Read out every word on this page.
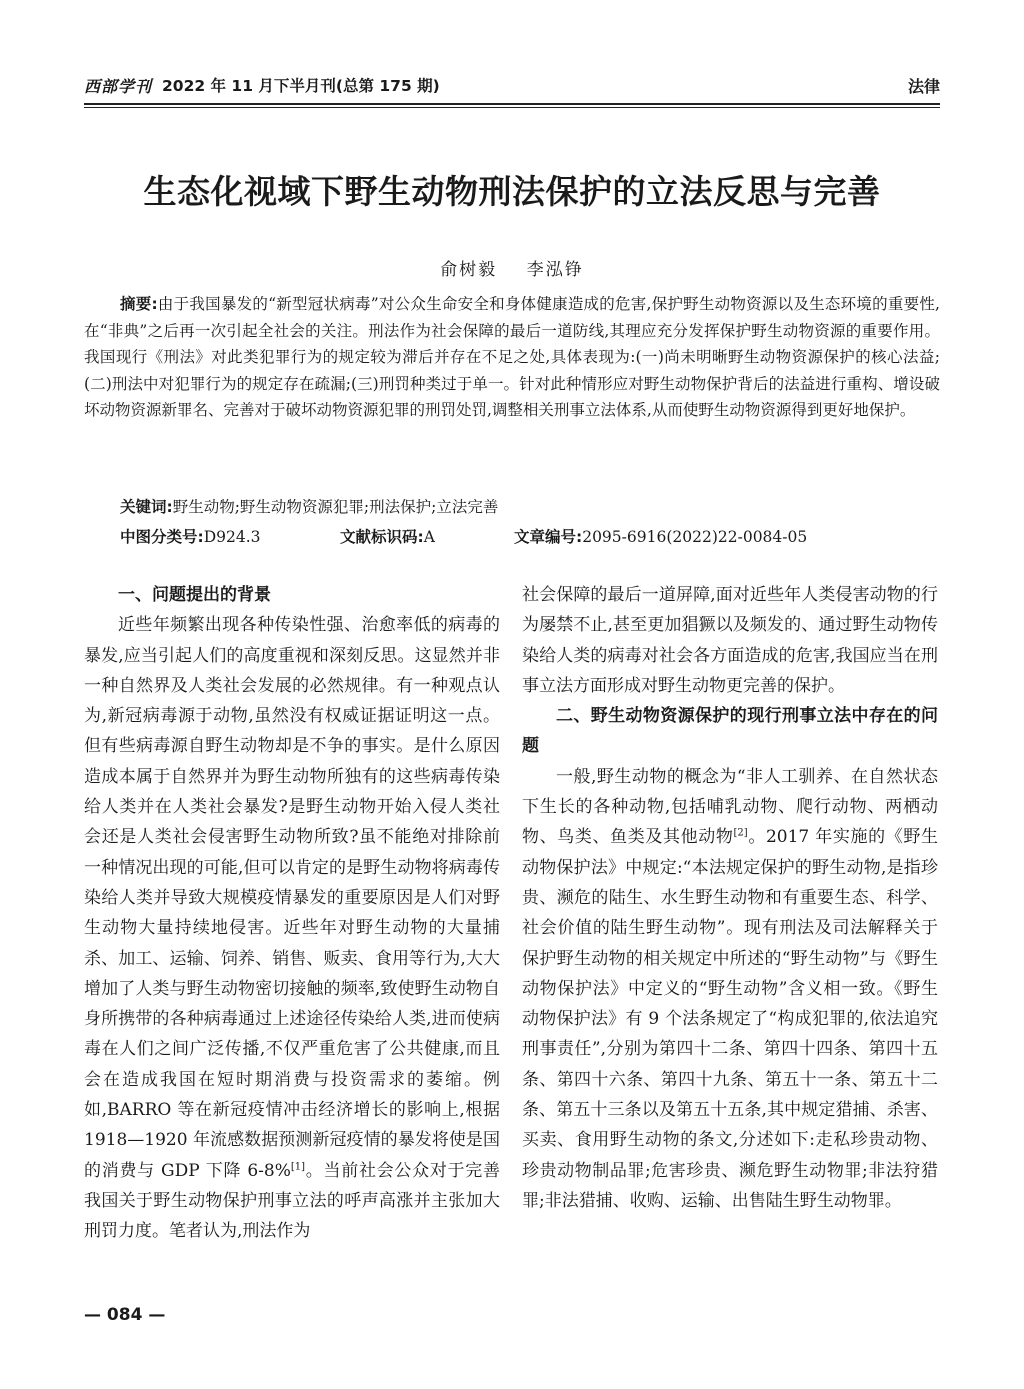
西部学刊 2022 年 11 月下半月刊(总第 175 期)	法律
生态化视域下野生动物刑法保护的立法反思与完善
俞树毅    李泓铮
摘要:由于我国暴发的“新型冠状病毒”对公众生命安全和身体健康造成的危害,保护野生动物资源以及生态环境的重要性,在“非典”之后再一次引起全社会的关注。刑法作为社会保障的最后一道防线,其理应充分发挥保护野生动物资源的重要作用。我国现行《刑法》对此类犯罪行为的规定较为滞后并存在不足之处,具体表现为:(一)尚未明晰野生动物资源保护的核心法益;(二)刑法中对犯罪行为的规定存在疏漏;(三)刑罚种类过于单一。针对此种情形应对野生动物保护背后的法益进行重构、增设破坏动物资源新罪名、完善对于破坏动物资源犯罪的刑罚处罚,调整相关刑事立法体系,从而使野生动物资源得到更好地保护。
关键词:野生动物;野生动物资源犯罪;刑法保护;立法完善
中图分类号:D924.3	文献标识码:A	文章编号:2095-6916(2022)22-0084-05
一、问题提出的背景

近些年频繁出现各种传染性强、治愈率低的病毒的暴发,应当引起人们的高度重视和深刻反思。这显然并非一种自然界及人类社会发展的必然规律。有一种观点认为,新冠病毒源于动物,虽然没有权威证据证明这一点。但有些病毒源自野生动物却是不争的事实。是什么原因造成本属于自然界并为野生动物所独有的这些病毒传染给人类并在人类社会暴发?是野生动物开始入侵人类社会还是人类社会侵害野生动物所致?虽不能绝对排除前一种情况出现的可能,但可以肯定的是野生动物将病毒传染给人类并导致大规模疫情暴发的重要原因是人们对野生动物大量持续地侵害。近些年对野生动物的大量捕杀、加工、运输、饲养、销售、贩卖、食用等行为,大大增加了人类与野生动物密切接触的频率,致使野生动物自身所携带的各种病毒通过上述途径传染给人类,进而使病毒在人们之间广泛传播,不仅严重危害了公共健康,而且会在造成我国在短时期消费与投资需求的萎缩。例如,BARRO 等在新冠疫情冲击经济增长的影响上,根据 1918—1920 年流感数据预测新冠疫情的暴发将使是国的消费与 GDP 下降 6-8%[1]。当前社会公众对于完善我国关于野生动物保护刑事立法的呼声高涨并主张加大刑罚力度。笔者认为,刑法作为

社会保障的最后一道屏障,面对近些年人类侵害动物的行为屡禁不止,甚至更加猖獗以及频发的、通过野生动物传染给人类的病毒对社会各方面造成的危害,我国应当在刑事立法方面形成对野生动物更完善的保护。

二、野生动物资源保护的现行刑事立法中存在的问题

一般,野生动物的概念为“非人工驯养、在自然状态下生长的各种动物,包括哺乳动物、爬行动物、两栖动物、鸟类、鱼类及其他动物[2]。2017 年实施的《野生动物保护法》中规定:“本法规定保护的野生动物,是指珍贵、濒危的陆生、水生野生动物和有重要生态、科学、社会价值的陆生野生动物”。现有刑法及司法解释关于保护野生动物的相关规定中所述的“野生动物”与《野生动物保护法》中定义的“野生动物”含义相一致。《野生动物保护法》有 9 个法条规定了“构成犯罪的,依法追究刑事责任”,分别为第四十二条、第四十四条、第四十五条、第四十六条、第四十九条、第五十一条、第五十二条、第五十三条以及第五十五条,其中规定猎捕、杀害、买卖、食用野生动物的条文,分述如下:走私珍贵动物、珍贵动物制品罪;危害珍贵、濒危野生动物罪;非法狩猎罪;非法猎捕、收购、运输、出售陆生野生动物罪。

— 084 —
